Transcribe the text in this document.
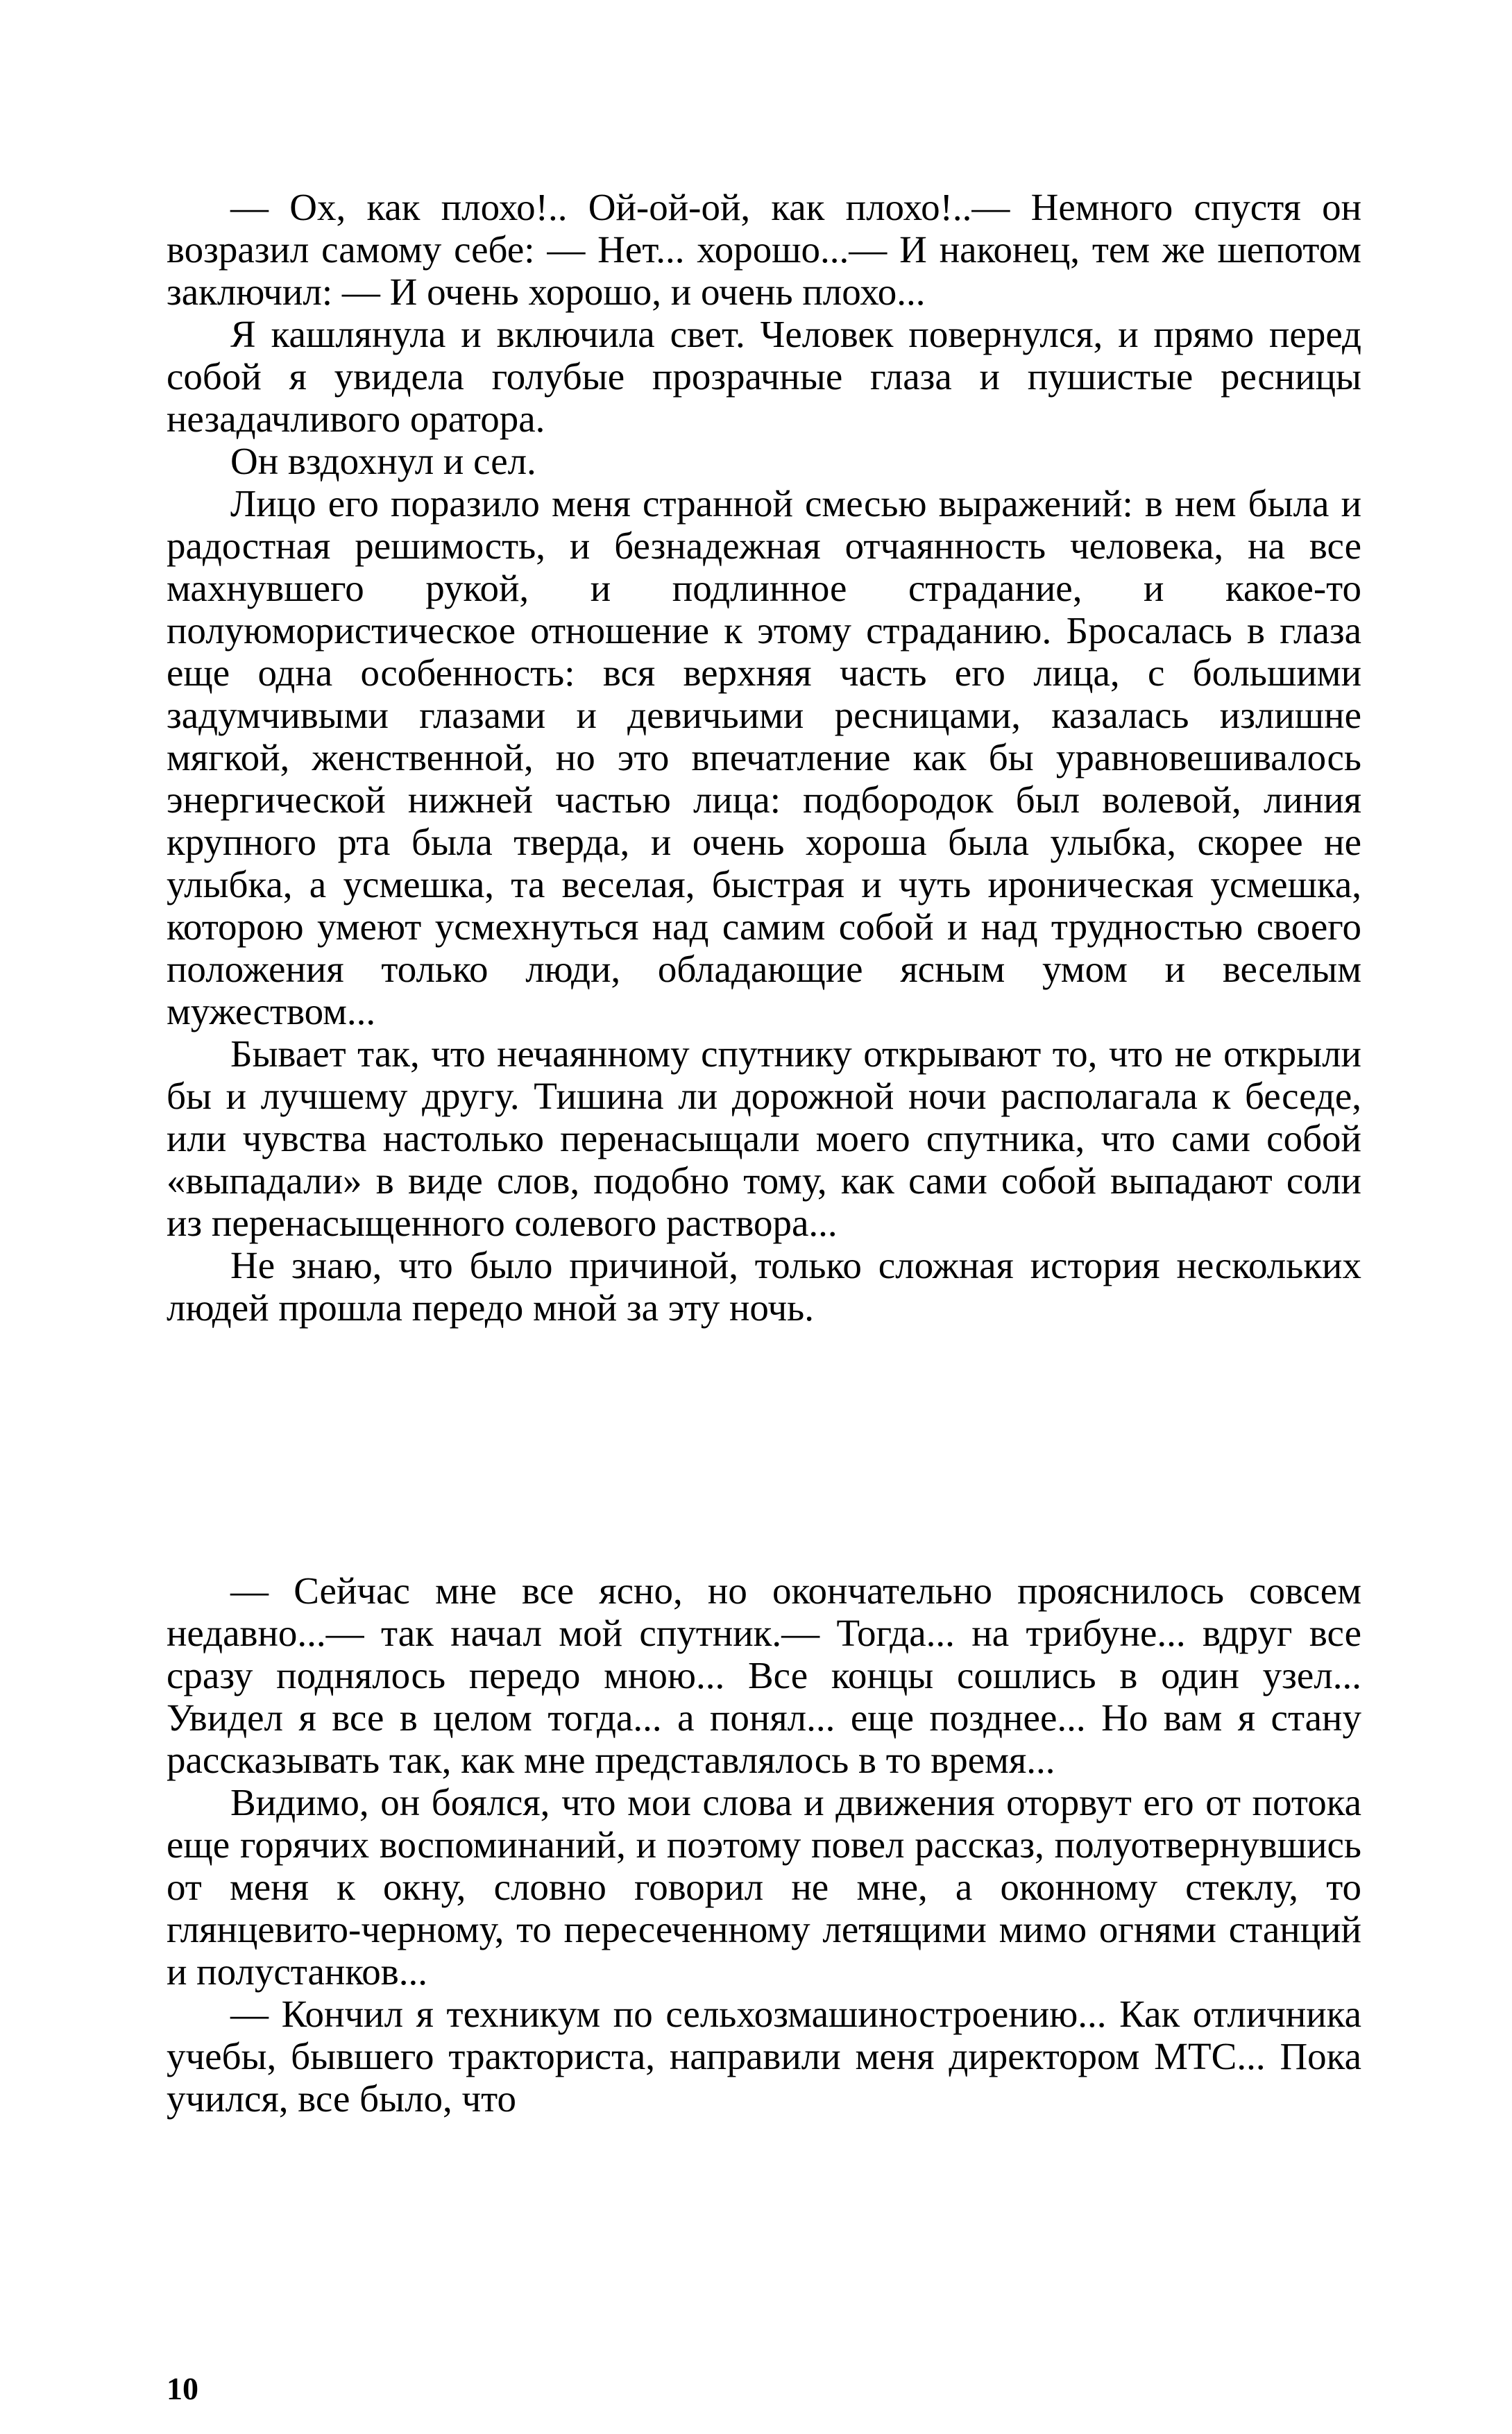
— Ох, как плохо!.. Ой-ой-ой, как плохо!..— Немного спустя он возразил самому себе: — Нет... хорошо...— И наконец, тем же шепотом заключил: — И очень хорошо, и очень плохо...

Я кашлянула и включила свет. Человек повернулся, и прямо перед собой я увидела голубые прозрачные глаза и пушистые ресницы незадачливого оратора.

Он вздохнул и сел.

Лицо его поразило меня странной смесью выражений: в нем была и радостная решимость, и безнадежная отчаянность человека, на все махнувшего рукой, и подлинное страдание, и какое-то полуюмористическое отношение к этому страданию. Бросалась в глаза еще одна особенность: вся верхняя часть его лица, с большими задумчивыми глазами и девичьими ресницами, казалась излишне мягкой, женственной, но это впечатление как бы уравновешивалось энергической нижней частью лица: подбородок был волевой, линия крупного рта была тверда, и очень хороша была улыбка, скорее не улыбка, а усмешка, та веселая, быстрая и чуть ироническая усмешка, которою умеют усмехнуться над самим собой и над трудностью своего положения только люди, обладающие ясным умом и веселым мужеством...

Бывает так, что нечаянному спутнику открывают то, что не открыли бы и лучшему другу. Тишина ли дорожной ночи располагала к беседе, или чувства настолько перенасыщали моего спутника, что сами собой «выпадали» в виде слов, подобно тому, как сами собой выпадают соли из перенасыщенного солевого раствора...

Не знаю, что было причиной, только сложная история нескольких людей прошла передо мной за эту ночь.

— Сейчас мне все ясно, но окончательно прояснилось совсем недавно...— так начал мой спутник.— Тогда... на трибуне... вдруг все сразу поднялось передо мною... Все концы сошлись в один узел... Увидел я все в целом тогда... а понял... еще позднее... Но вам я стану рассказывать так, как мне представлялось в то время...

Видимо, он боялся, что мои слова и движения оторвут его от потока еще горячих воспоминаний, и поэтому повел рассказ, полуотвернувшись от меня к окну, словно говорил не мне, а оконному стеклу, то глянцевито-черному, то пересеченному летящими мимо огнями станций и полустанков...

— Кончил я техникум по сельхозмашиностроению... Как отличника учебы, бывшего тракториста, направили меня директором МТС... Пока учился, все было, что

10
